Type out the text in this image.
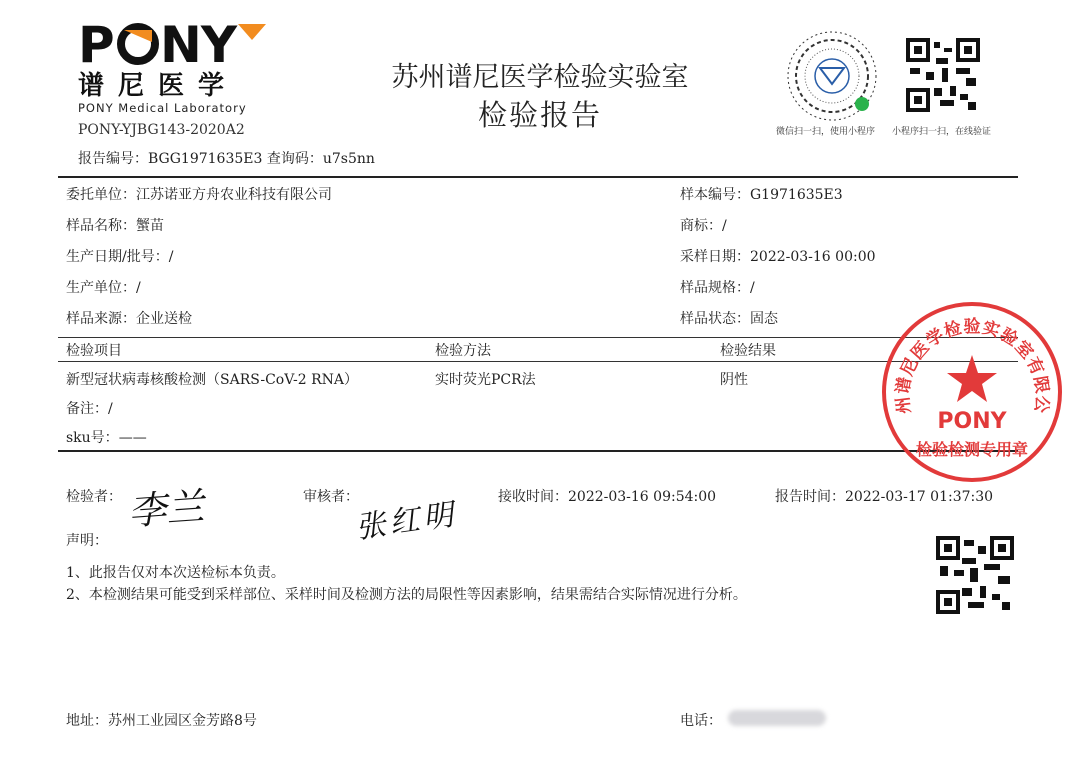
P NY
谱尼医学
PONY Medical Laboratory
PONY-YJBG143-2020A2
苏州谱尼医学检验实验室
检验报告
报告编号：BGG1971635E3 查询码：u7s5nn
微信扫一扫，使用小程序 小程序扫一扫，在线验证
委托单位：江苏诺亚方舟农业科技有限公司	样本编号：G1971635E3
样品名称：蟹苗	商标：/
生产日期/批号：/	采样日期：2022-03-16 00:00
生产单位：/	样品规格：/
样品来源：企业送检	样品状态：固态
检验项目	检验方法	检验结果
新型冠状病毒核酸检测（SARS-CoV-2 RNA）	实时荧光PCR法	阴性
备注：/
sku号：——
州谱尼医学检验实验室有限公
PONY
检验检测专用章
检验者： 李兰	审核者：
张红明
接收时间：2022-03-16 09:54:00	报告时间：2022-03-17 01:37:30
声明：
1、此报告仅对本次送检标本负责。
2、本检测结果可能受到采样部位、采样时间及检测方法的局限性等因素影响，结果需结合实际情况进行分析。
地址：苏州工业园区金芳路8号	电话：
